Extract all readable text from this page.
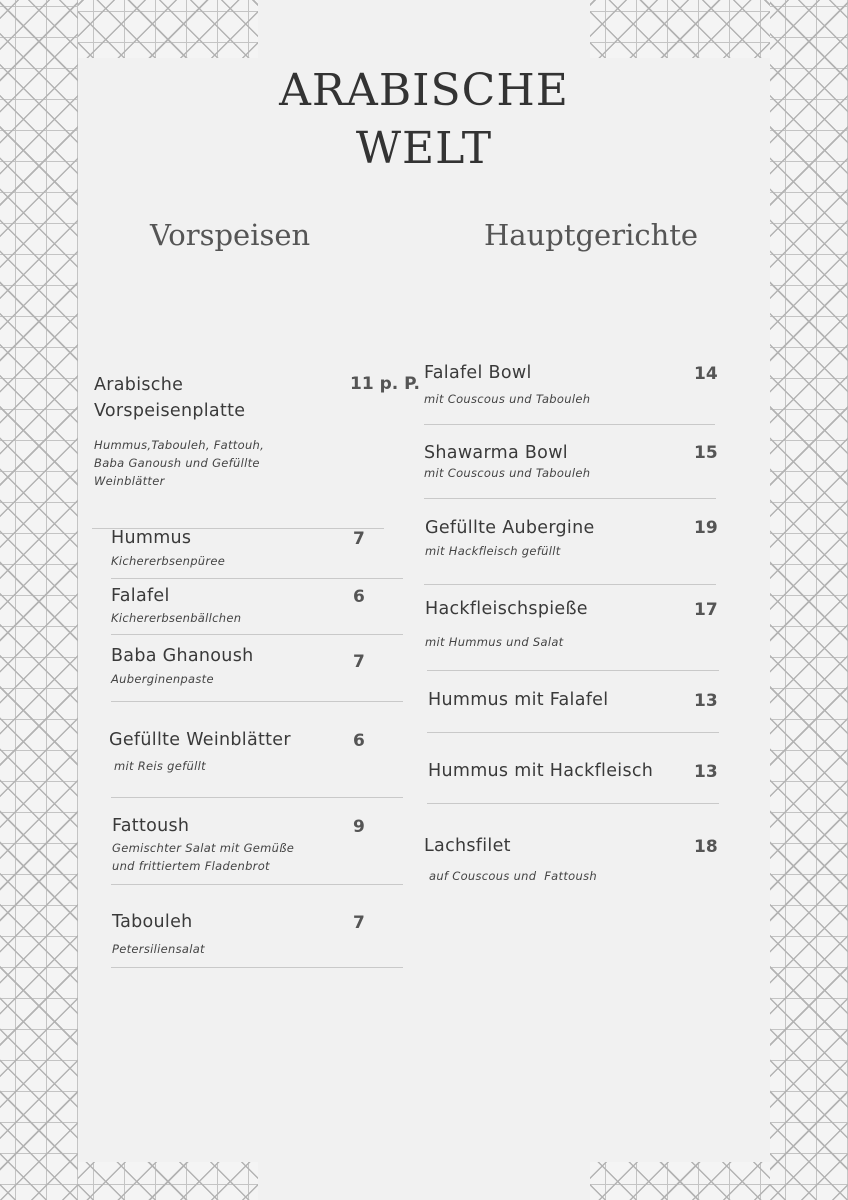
ARABISCHE
WELT
Vorspeisen	Hauptgerichte
Arabische
Vorspeisenplatte
Hummus,Tabouleh, Fattouh,
Baba Ganoush und Gefüllte
Weinblätter
11 p. P.
Hummus
Kichererbsenpüree
7
Falafel
Kichererbsenbällchen
6
Baba Ghanoush
Auberginenpaste
7
Gefüllte Weinblätter
mit Reis gefüllt
6
Fattoush
Gemischter Salat mit Gemüße
und frittiertem Fladenbrot
9
Tabouleh
Petersiliensalat
7
Falafel Bowl
mit Couscous und Tabouleh
14
Shawarma Bowl
mit Couscous und Tabouleh
15
Gefüllte Aubergine
mit Hackfleisch gefüllt
19
Hackfleischspieße
mit Hummus und Salat
17
Hummus mit Falafel	13
Hummus mit Hackfleisch 13
Lachsfilet
auf Couscous und  Fattoush
18
